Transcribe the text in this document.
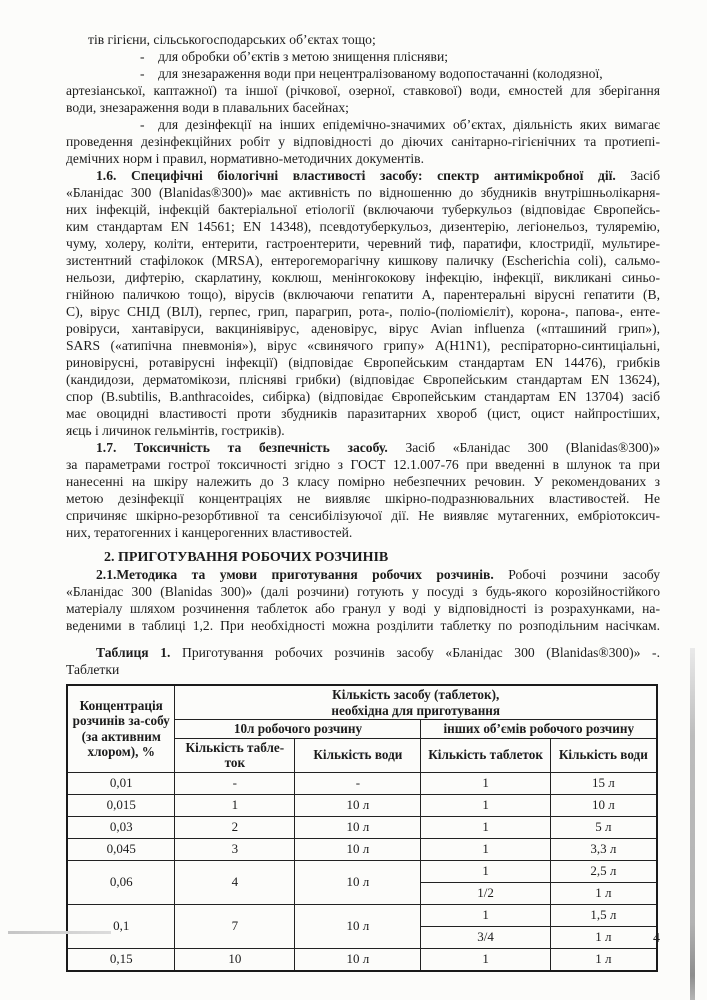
тів гігієни, сільськогосподарських об’єктах тощо;
-  для обробки об’єктів з метою знищення плісняви;
-  для знезараження води при нецентралізованому водопостачанні (колодязної,
артезіанської, каптажної) та іншої (річкової, озерної, ставкової) води, ємностей для зберігання
води, знезараження води в плавальних басейнах;
-  для дезінфекції на інших епідемічно-значимих об’єктах, діяльність яких вимагає
проведення дезінфекційних робіт у відповідності до діючих санітарно-гігієнічних та протиепі-
демічних норм і правил, нормативно-методичних документів.
1.6. Специфічні біологічні властивості засобу: спектр антимікробної дії. Засіб
«Бланідас 300 (Blanidas®300)» має активність по відношенню до збудників внутрішньолікарня-
них інфекцій, інфекцій бактеріальної етіології (включаючи туберкульоз (відповідає Європейсь-
ким стандартам EN 14561; EN 14348), псевдотуберкульоз, дизентерію, легіонельоз, туляремію,
чуму, холеру, коліти, ентерити, гастроентерити, черевний тиф, паратифи, клостридії, мультире-
зистентний стафілокок (MRSA), ентерогеморагічну кишкову паличку (Escherichia coli), сальмо-
нельози, дифтерію, скарлатину, коклюш, менінгококову інфекцію, інфекції, викликані синьо-
гнійною паличкою тощо), вірусів (включаючи гепатити А, парентеральні вірусні гепатити (В,
С), вірус СНІД (ВІЛ), герпес, грип, парагрип, рота-, поліо-(поліомієліт), корона-, папова-, енте-
ровіруси, хантавіруси, вакциніявірус, аденовірус, вірус Avian influenza («пташиний грип»),
SARS («атипічна пневмонія»), вірус «свинячого грипу» A(H1N1), респіраторно-синтиціальні,
риновірусні, ротавірусні інфекції) (відповідає Європейським стандартам EN 14476), грибків
(кандидози, дерматомікози, плісняві грибки) (відповідає Європейським стандартам EN 13624),
спор (B.subtilis, B.anthracoides, сибірка) (відповідає Європейським стандартам EN 13704) засіб
має овоцидні властивості проти збудників паразитарних хвороб (цист, оцист найпростіших,
яєць і личинок гельмінтів, гостриків).
1.7. Токсичність та безпечність засобу. Засіб «Бланідас 300 (Blanidas®300)»
за параметрами гострої токсичності згідно з ГОСТ 12.1.007-76 при введенні в шлунок та при
нанесенні на шкіру належить до 3 класу помірно небезпечних речовин. У рекомендованих з
метою дезінфекції концентраціях не виявляє шкірно-подразнювальних властивостей. Не
спричиняє шкірно-резорбтивної та сенсибілізуючої дії. Не виявляє мутагенних, ембріотоксич-
них, тератогенних і канцерогенних властивостей.
2. ПРИГОТУВАННЯ РОБОЧИХ РОЗЧИНІВ
2.1.Методика та умови приготування робочих розчинів. Робочі розчини засобу
«Бланідас 300 (Blanidas 300)» (далі розчини) готують у посуді з будь-якого корозійностійкого
матеріалу шляхом розчинення таблеток або гранул у воді у відповідності із розрахунками, на-
веденими в таблиці 1,2. При необхідності можна розділити таблетку по розподільним насічкам.
Таблиця 1. Приготування робочих розчинів засобу «Бланідас 300 (Blanidas®300)» -.
Таблетки
Концентрація розчинів за-собу (за активним хлором), %	Кількість засобу (таблеток),
необхідна для приготування			

	10л робочого розчину		інших об’ємів робочого розчину	
	Кількість табле-ток	Кількість води	Кількість таблеток	Кількість води
0,01	-	-	1	15 л
0,015	1	10 л	1	10 л
0,03	2	10 л	1	5 л
0,045	3	10 л	1	3,3 л
0,06	4	10 л	1	2,5 л
			1/2	1 л
0,1	7	10 л	1	1,5 л
			3/4	1 л
0,15	10	10 л	1	1 л
4
